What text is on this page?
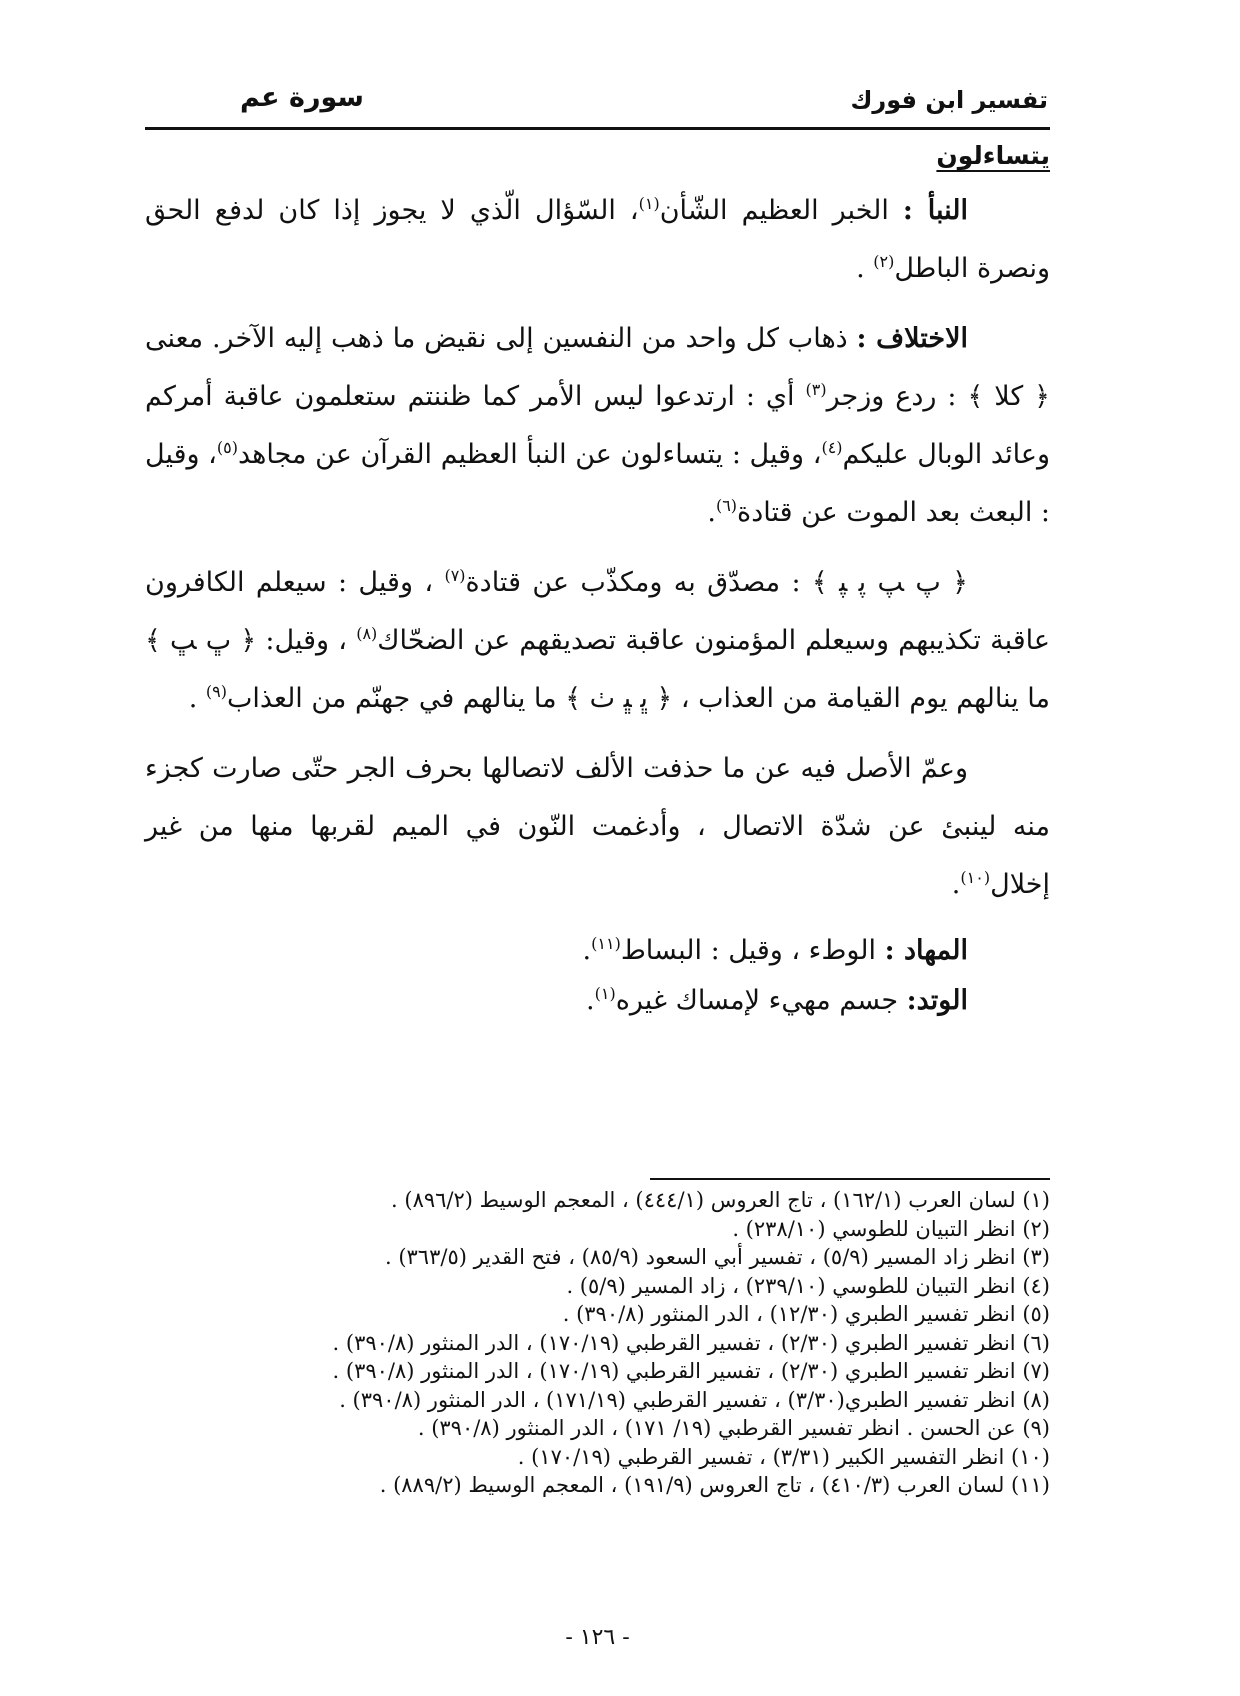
تفسير ابن فورك
سورة عم

يتساءلون

النبأ : الخبر العظيم الشّأن$^{(١)}$، السّؤال الّذي لا يجوز إذا كان لدفع الحق ونصرة الباطل$^{(٢)}$ .

الاختلاف : ذهاب كل واحد من النفسين إلى نقيض ما ذهب إليه الآخر. معنى ﴿ كلا ﴾ : ردع وزجر$^{(٣)}$ أي : ارتدعوا ليس الأمر كما ظننتم ستعلمون عاقبة أمركم وعائد الوبال عليكم$^{(٤)}$، وقيل : يتساءلون عن النبأ العظيم القرآن عن مجاهد$^{(٥)}$، وقيل : البعث بعد الموت عن قتادة$^{(٦)}$.

﴿ ﭖ ﭗ ﭘ ﭙ ﴾ : مصدّق به ومكذّب عن قتادة$^{(٧)}$ ، وقيل : سيعلم الكافرون عاقبة تكذيبهم وسيعلم المؤمنون عاقبة تصديقهم عن الضحّاك$^{(٨)}$ ، وقيل: ﴿ ﭚ ﭛ ﴾ ما ينالهم يوم القيامة من العذاب ، ﴿ ﭜ ﭝ ﭞ ﴾ ما ينالهم في جهنّم من العذاب$^{(٩)}$ .

وعمّ الأصل فيه عن ما حذفت الألف لاتصالها بحرف الجر حتّى صارت كجزء منه لينبئ عن شدّة الاتصال ، وأدغمت النّون في الميم لقربها منها من غير إخلال$^{(١٠)}$.

المهاد : الوطء ، وقيل : البساط$^{(١١)}$.

الوتد: جسم مهيء لإمساك غيره$^{(١)}$.

(١) لسان العرب (١٦٢/١) ، تاج العروس (٤٤٤/١) ، المعجم الوسيط (٨٩٦/٢) .
(٢) انظر التبيان للطوسي (٢٣٨/١٠) .
(٣) انظر زاد المسير (٥/٩) ، تفسير أبي السعود (٨٥/٩) ، فتح القدير (٣٦٣/٥) .
(٤) انظر التبيان للطوسي (٢٣٩/١٠) ، زاد المسير (٥/٩) .
(٥) انظر تفسير الطبري (١٢/٣٠) ، الدر المنثور (٣٩٠/٨) .
(٦) انظر تفسير الطبري (٢/٣٠) ، تفسير القرطبي (١٧٠/١٩) ، الدر المنثور (٣٩٠/٨) .
(٧) انظر تفسير الطبري (٢/٣٠) ، تفسير القرطبي (١٧٠/١٩) ، الدر المنثور (٣٩٠/٨) .
(٨) انظر تفسير الطبري(٣/٣٠) ، تفسير القرطبي (١٧١/١٩) ، الدر المنثور (٣٩٠/٨) .
(٩) عن الحسن . انظر تفسير القرطبي (١٩/ ١٧١) ، الدر المنثور (٣٩٠/٨) .
(١٠) انظر التفسير الكبير (٣/٣١) ، تفسير القرطبي (١٧٠/١٩) .
(١١) لسان العرب (٤١٠/٣) ، تاج العروس (١٩١/٩) ، المعجم الوسيط (٨٨٩/٢) .
- ١٢٦ -
